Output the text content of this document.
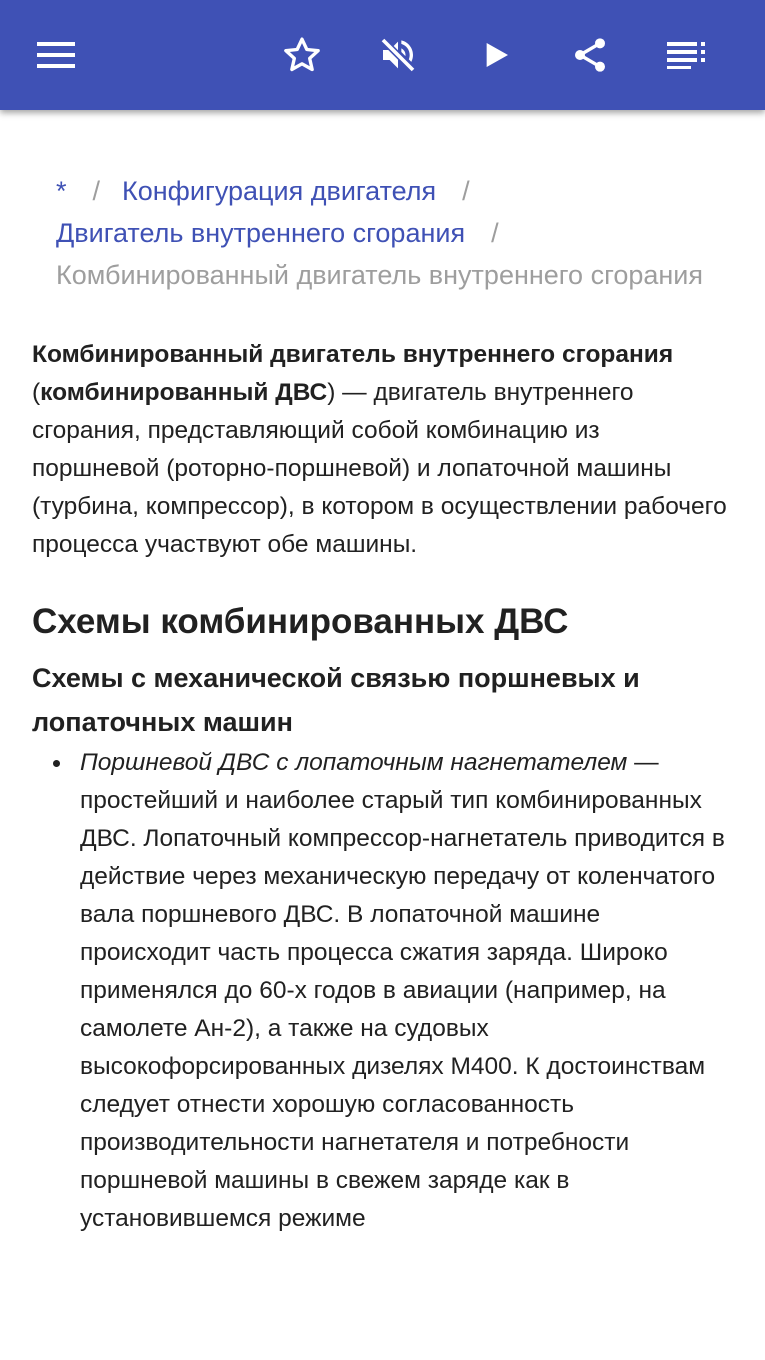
* / Конфигурация двигателя /
Двигатель внутреннего сгорания /
Комбинированный двигатель внутреннего сгорания
Комбинированный двигатель внутреннего сгорания (комбинированный ДВС) — двигатель внутреннего сгорания, представляющий собой комбинацию из поршневой (роторно-поршневой) и лопаточной машины (турбина, компрессор), в котором в осуществлении рабочего процесса участвуют обе машины.
Схемы комбинированных ДВС
Схемы с механической связью поршневых и лопаточных машин
Поршневой ДВС с лопаточным нагнетателем — простейший и наиболее старый тип комбинированных ДВС. Лопаточный компрессор-нагнетатель приводится в действие через механическую передачу от коленчатого вала поршневого ДВС. В лопаточной машине происходит часть процесса сжатия заряда. Широко применялся до 60-х годов в авиации (например, на самолете Ан-2), а также на судовых высокофорсированных дизелях М400. К достоинствам следует отнести хорошую согласованность производительности нагнетателя и потребности поршневой машины в свежем заряде как в установившемся режиме
